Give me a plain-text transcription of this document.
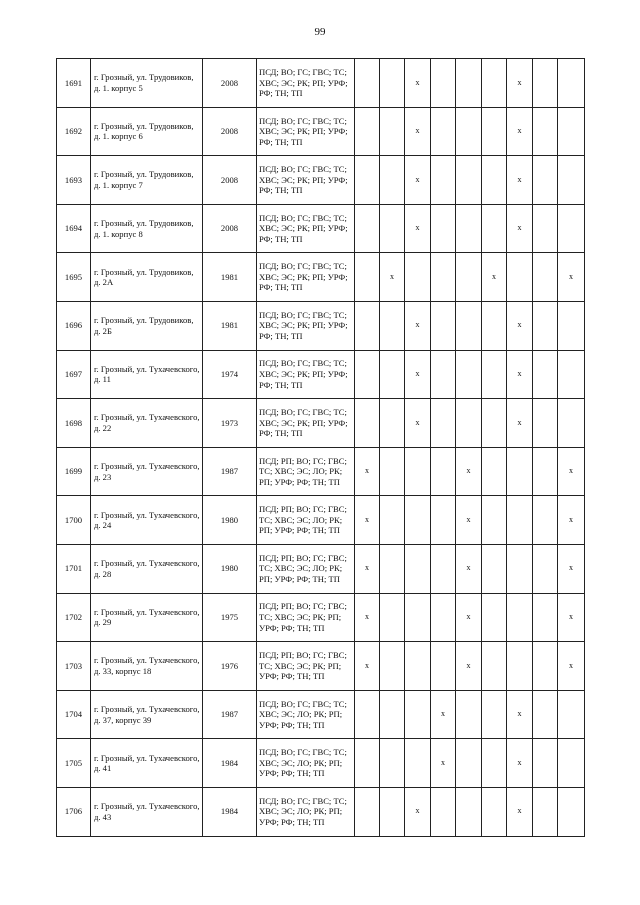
99
1691	г. Грозный, ул. Трудовиков, д. 1. корпус 5	2008	ПСД; ВО; ГС; ГВС; ТС; ХВС; ЭС; РК; РП; УРФ; РФ; ТН; ТП			x				x		
1692	г. Грозный, ул. Трудовиков, д. 1. корпус 6	2008	ПСД; ВО; ГС; ГВС; ТС; ХВС; ЭС; РК; РП; УРФ; РФ; ТН; ТП			x				x		
1693	г. Грозный, ул. Трудовиков, д. 1. корпус 7	2008	ПСД; ВО; ГС; ГВС; ТС; ХВС; ЭС; РК; РП; УРФ; РФ; ТН; ТП			x				x		
1694	г. Грозный, ул. Трудовиков, д. 1. корпус 8	2008	ПСД; ВО; ГС; ГВС; ТС; ХВС; ЭС; РК; РП; УРФ; РФ; ТН; ТП			x				x		
1695	г. Грозный, ул. Трудовиков, д. 2А	1981	ПСД; ВО; ГС; ГВС; ТС; ХВС; ЭС; РК; РП; УРФ; РФ; ТН; ТП		x				x			x
1696	г. Грозный, ул. Трудовиков, д. 2Б	1981	ПСД; ВО; ГС; ГВС; ТС; ХВС; ЭС; РК; РП; УРФ; РФ; ТН; ТП			x				x		
1697	г. Грозный, ул. Тухачевского, д. 11	1974	ПСД; ВО; ГС; ГВС; ТС; ХВС; ЭС; РК; РП; УРФ; РФ; ТН; ТП			x				x		
1698	г. Грозный, ул. Тухачевского, д. 22	1973	ПСД; ВО; ГС; ГВС; ТС; ХВС; ЭС; РК; РП; УРФ; РФ; ТН; ТП			x				x		
1699	г. Грозный, ул. Тухачевского, д. 23	1987	ПСД; РП; ВО; ГС; ГВС; ТС; ХВС; ЭС; ЛО; РК; РП; УРФ; РФ; ТН; ТП	x				x				x
1700	г. Грозный, ул. Тухачевского, д. 24	1980	ПСД; РП; ВО; ГС; ГВС; ТС; ХВС; ЭС; ЛО; РК; РП; УРФ; РФ; ТН; ТП	x				x				x
1701	г. Грозный, ул. Тухачевского, д. 28	1980	ПСД; РП; ВО; ГС; ГВС; ТС; ХВС; ЭС; ЛО; РК; РП; УРФ; РФ; ТН; ТП	x				x				x
1702	г. Грозный, ул. Тухачевского, д. 29	1975	ПСД; РП; ВО; ГС; ГВС; ТС; ХВС; ЭС; РК; РП; УРФ; РФ; ТН; ТП	x				x				x
1703	г. Грозный, ул. Тухачевского, д. 33, корпус 18	1976	ПСД; РП; ВО; ГС; ГВС; ТС; ХВС; ЭС; РК; РП; УРФ; РФ; ТН; ТП	x				x				x
1704	г. Грозный, ул. Тухачевского, д. 37, корпус 39	1987	ПСД; ВО; ГС; ГВС; ТС; ХВС; ЭС; ЛО; РК; РП; УРФ; РФ; ТН; ТП				x			x		
1705	г. Грозный, ул. Тухачевского, д. 41	1984	ПСД; ВО; ГС; ГВС; ТС; ХВС; ЭС; ЛО; РК; РП; УРФ; РФ; ТН; ТП				x			x		
1706	г. Грозный, ул. Тухачевского, д. 43	1984	ПСД; ВО; ГС; ГВС; ТС; ХВС; ЭС; ЛО; РК; РП; УРФ; РФ; ТН; ТП			x				x		
